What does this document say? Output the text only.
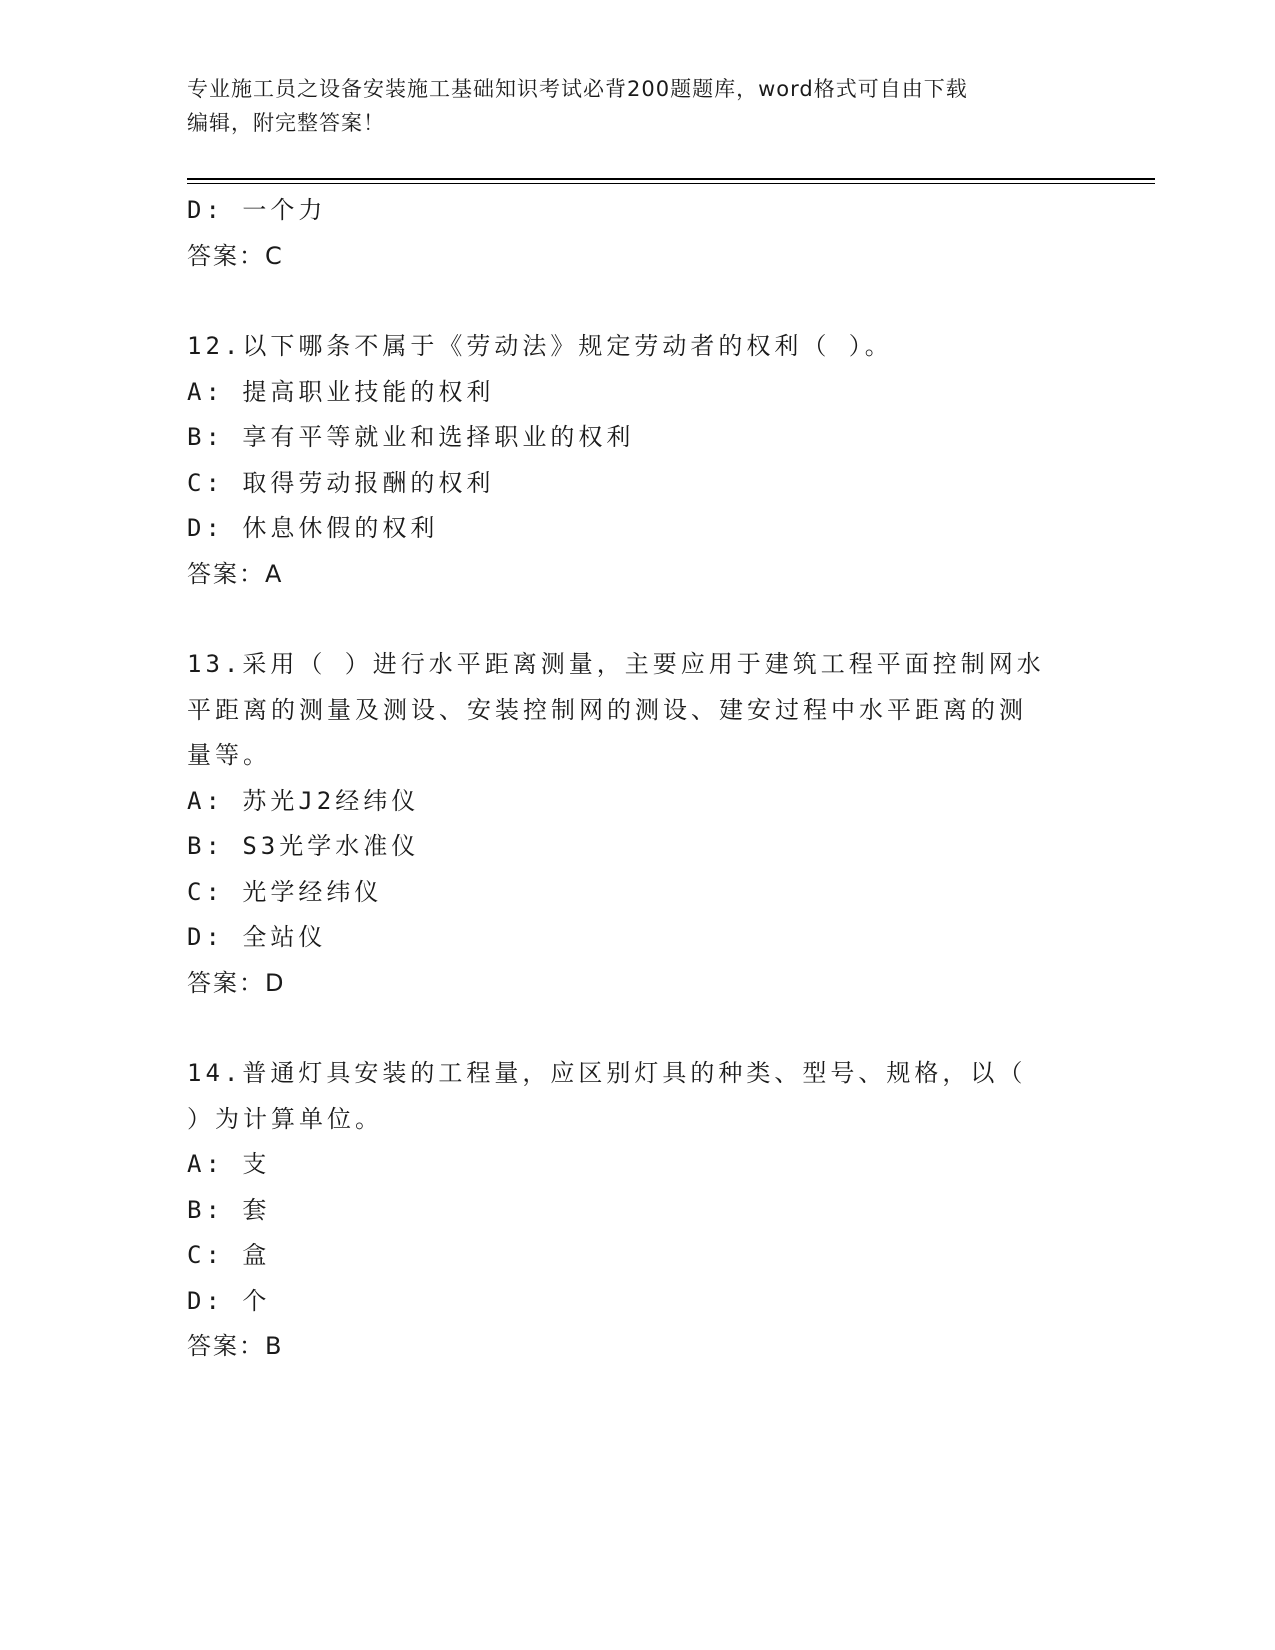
专业施工员之设备安装施工基础知识考试必背200题题库，word格式可自由下载
编辑，附完整答案！

D: 一个力

答案：C

12.以下哪条不属于《劳动法》规定劳动者的权利（ ）。

A: 提高职业技能的权利

B: 享有平等就业和选择职业的权利

C: 取得劳动报酬的权利

D: 休息休假的权利

答案：A

13.采用（ ）进行水平距离测量，主要应用于建筑工程平面控制网水

平距离的测量及测设、安装控制网的测设、建安过程中水平距离的测

量等。

A: 苏光J2经纬仪

B: S3光学水准仪

C: 光学经纬仪

D: 全站仪

答案：D

14.普通灯具安装的工程量，应区别灯具的种类、型号、规格，以（

）为计算单位。

A: 支

B: 套

C: 盒

D: 个

答案：B
